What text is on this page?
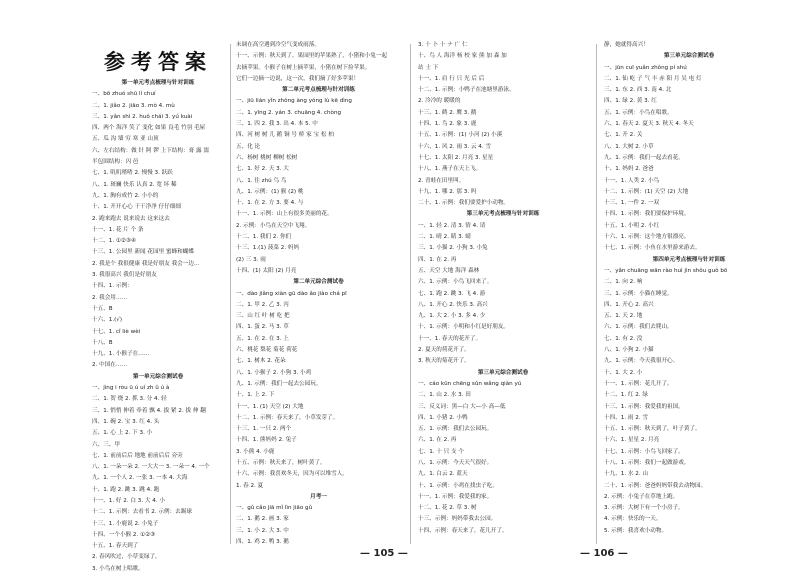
参考答案
第一单元考点梳理与针对训练
一、bō zhuó shū lí chuí
二、1. jiǎo 2. jiāo 3. mò 4. mù
三、1. yǎn shì 2. huǒ chái 3. yú kuài
四、两个 海洋 笑了 变化 如果 良毛 竹羽 毛屋
五、瓜 沟 墙 穷 寒 亚 山顶
六、左右结构：做 针 阿 锣 上下结构：膏 露 濡
半包围结构：闪 邑
七、1. 叽叽喳喳 2. 慢慢 3. 跃跃
八、1. 斑斓 快乐 认真 2. 宽 坏 稀
九、1. 胸有成竹 2. 小小的
十、1. 开开心心 干干净净 仔仔细细
2. 跑来跑去 说来说去 这来这去
十一、1. 花 片 个 条
十二、1. ①②③④
十三、1. 公园里 新闻 花园里 蜜蜂和蝴蝶
2. 我是个 我很健康 我是好朋友 我会一边...
3. 我很高兴 我们是好朋友
十四、1. 示例：
2. 我会用……
十五、B
十六、1.(√)
十七、1. cǐ liè wèi
十八、B
十九、1. 小猴子在……
2. 中国在……
第一单元综合测试卷
一、jìng i ròu ū ú uí zh ǔ ú à
二、1. 贺 烧 2. 抓 3. 分 4. 轻
三、1. 悄悄 伸着 牵着 飘 4. 拔 紧 2. 拔 伸 翻
四、1. 碗 2. 宝 3. 红 4. 头
五、1. 心 上 2. 下 3. 小
六、三、甲
七、1. 前前后后 地地 前前后后 旁旁
八、1. 一朵一朵 2. 一大大一 3. 一朵一 4. 一个
九、1. 一个人 2. 一张 3. 一本 4. 大海
十、1. 跑 2. 跳 3. 跳 4. 跑
十一、1. 好 2. 白 3. 大 4. 小
十二、1. 示例：去看书 2. 示例：去踢球
十三、1. 小鹿说 2. 小兔子
十四、一个小猴 2. ①②③
十五、1. 春天到了
2. 春风吹过，小草变绿了。
3. 小鸟在树上唱歌。
未调在高空遇到冷空气变成雨落。
十一、示例：秋天到了，果园里的苹果熟了，小猪和小兔一起
去摘苹果。小猴子在树上摘苹果，小猪在树下捡苹果。
它们一边摘一边说，这一次，我们摘了好多苹果！
第二单元考点梳理与针对训练
一、jiū lián yǐn zhǒng àng yǒng lù kē dìng
二、1. yīng 2. yán 3. chuāng 4. chòng
三、1. 四 2. 我 3. 出 4. 本 5. 中
四、河 树 树 儿 鹅 铜 号 桥 家 宝 松 柏
五、化 论
六、杨树 桃树 柳树 松树
七、1. 好 2. 天 3. 大
八、1. 住 zhú 鸟 鸟
九、1. 示例：(1) 猴 (2) 桃
十、1. 在 2. 方 3. 要 4. 与
十一、1. 示例：山上有很多美丽的花。
2. 示例：小鸟在天空中飞翔。
十二、1. 我们 2. 你们
十三、1.(1) 菠菜 2. 妈妈
(2) 三 3. 雨
十四、(1) 太阳 (2) 月亮
第二单元综合测试卷
一、dào jiǎng xiàn ɡū dào ǎo jiào chá pī
二、1. 甲 2. 乙 3. 丙
三、山 红 叶 树 吃 把
四、1. 蛋 2. 马 3. 草
五、1. 在 2. 在 3. 上
六、桃花 梨花 菊花 荷花
七、1. 树木 2. 花朵
八、1. 小猴子 2. 小狗 3. 小鸡
九、1. 示例：我们一起去公园玩。
十、1. 上 2. 下
十一、1. (1) 天空 (2) 大地
十二、1. 示例：春天来了，小草发芽了。
十三、1. 一只 2. 两个
十四、1. 熊妈妈 2. 兔子
3. 小熊 4. 小鹿
十五、示例：秋天来了，树叶黄了。
十六、示例：我喜欢冬天，因为可以堆雪人。
1. 春 2. 夏
月考一
一、ɡǔ cǎo jiā mǐ lìn jiāo ɡǔ
二、1. 鹅 2. 画 3. 家
三、1. 小 2. 大 3. 中
四、1. 鸡 2. 鸭 3. 鹅
3. 十 卜 十 ナ 广 仁
十、鸟 人 海洋 杨 校 家 熊 加 森 加
站 士 下
十一、1. 肩 行 只 光 后 后
十二、1. 示例：小鸭子在池塘里游泳。
2. 冷冷的 暖暖的
十三、1. 鹤 2. 鹰 3. 鹅
十四、1. 鸟 2. 象 3. 鹿
十五、1. 示例：(1) 小河 (2) 小溪
十六、1. 风 2. 雨 3. 云 4. 雪
十七、1. 太阳 2. 月亮 3. 星星
十八、1. 燕子在天上飞。
2. 青蛙在田里叫。
十九、1. 哪 2. 那 3. 吗
二十、1. 示例：我们要爱护小动物。
第三单元考点梳理与针对训练
一、1. 轻 2. 清 3. 情 4. 请
二、1. 晴 2. 睛 3. 蜻
三、1. 小猫 2. 小狗 3. 小兔
四、1. 在 2. 再
五、天空 大地 海洋 森林
六、1. 示例：小鸟飞回来了。
七、1. 跑 2. 跳 3. 飞 4. 游
八、1. 开心 2. 快乐 3. 高兴
九、1. 大 2. 小 3. 多 4. 少
十、1. 示例：小明和小红是好朋友。
十一、1. 春天的花开了。
2. 夏天的荷花开了。
3. 秋天的菊花开了。
第三单元综合测试卷
一、cáo kūn chēnɡ sǔn wǎnɡ qiàn yú
二、1. 山 2. 水 3. 田
三、反义词：黑—白 大—小 高—低
四、1. 小猪 2. 小鸭
五、1. 示例：我们去公园玩。
六、1. 在 2. 再
七、1. 十 只 支 个
八、1. 示例：今天天气很好。
九、1. 白云 2. 蓝天
十、1. 示例：小鸡在找虫子吃。
十一、1. 示例：我爱我的家。
十二、1. 花 2. 草 3. 树
十三、示例：妈妈带我去公园。
十四、示例：春天来了，花儿开了。
静，她就得高兴！
第三单元综合测试卷
一、jūn cuī yuǎn zhǒng pí shú
二、1. 仙 屹 子 气 丰 赤 阳 月 吴 电 灯
三、1. 东 2. 西 3. 南 4. 北
四、1. 绿 2. 黄 3. 红
五、1. 示例：小鸟在唱歌。
六、1. 春天 2. 夏天 3. 秋天 4. 冬天
七、1. 开 2. 关
八、1. 大树 2. 小草
九、1. 示例：我们一起去看花。
十、1. 妈妈 2. 爸爸
十一、1. 人类 2. 小鸟
十二、1. 示例：(1) 天空 (2) 大地
十三、1. 一件 2. 一双
十四、1. 示例：我们要保护环境。
十五、1. 小明 2. 小红
十六、1. 示例：这个地方很漂亮。
十七、1. 示例：小鱼在水里游来游去。
第四单元考点梳理与针对训练
一、yǎn chuāng wān rào huì jìn shǒu ɡuǒ bō
二、1. 向 2. 响
三、1. 示例：小猫在睡觉。
四、1. 开心 2. 高兴
五、1. 天 2. 地
六、1. 示例：我们去爬山。
七、1. 有 2. 没
八、1. 小狗 2. 小猫
九、1. 示例：今天我很开心。
十、1. 大 2. 小
十一、1. 示例：花儿开了。
十二、1. 红 2. 绿
十三、1. 示例：我爱我的祖国。
十四、1. 雨 2. 雪
十五、1. 示例：秋天到了，叶子黄了。
十六、1. 星星 2. 月亮
十七、1. 示例：小鸟飞回家了。
十八、1. 示例：我们一起做游戏。
十九、1. 水 2. 山
二十、1. 示例：爸爸妈妈带我去动物园。
2. 示例：小兔子在草地上跑。
3. 示例：大树下有一个小房子。
4. 示例：快乐的一天。
5. 示例：我喜欢小动物。
— 105 —	— 106 —
